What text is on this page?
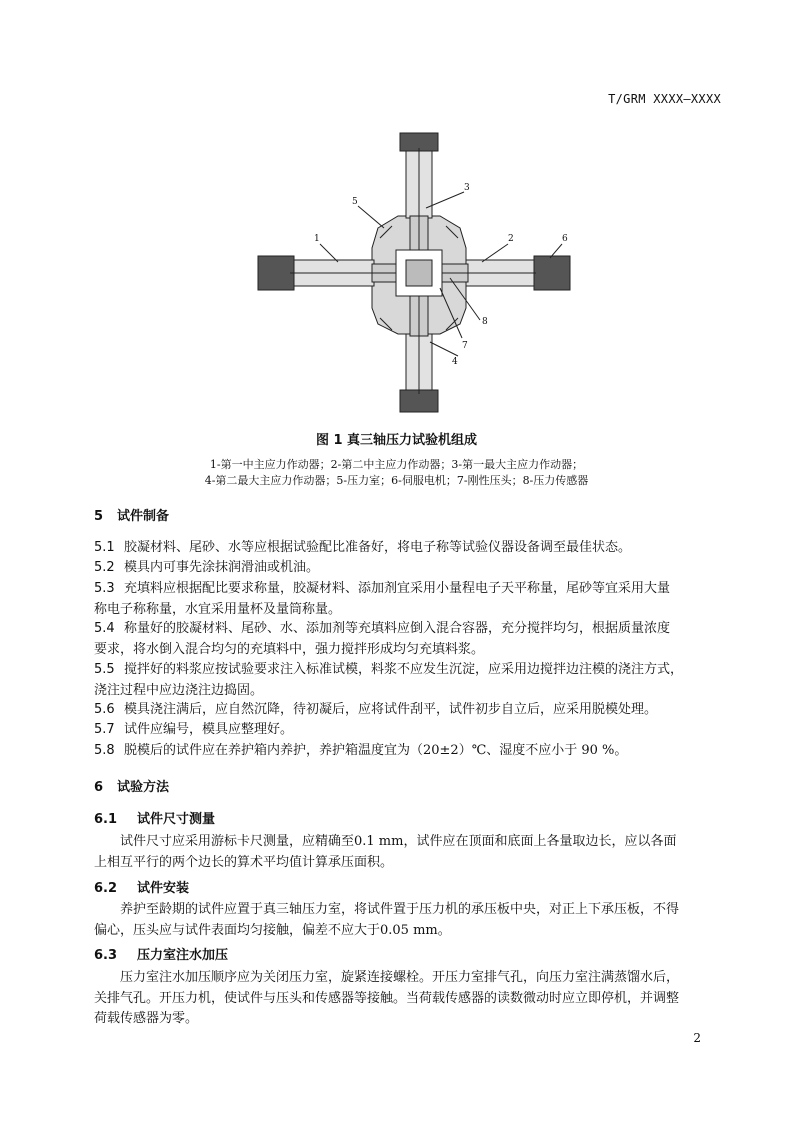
T/GRM XXXX—XXXX
1	2
3
4
5
6
7
8
图 1 真三轴压力试验机组成
1-第一中主应力作动器；2-第二中主应力作动器；3-第一最大主应力作动器；
4-第二最大主应力作动器；5-压力室；6-伺服电机；7-刚性压头；8-压力传感器
5 试件制备
5.1 胶凝材料、尾砂、水等应根据试验配比准备好，将电子称等试验仪器设备调至最佳状态。
5.2 模具内可事先涂抹润滑油或机油。
5.3 充填料应根据配比要求称量，胶凝材料、添加剂宜采用小量程电子天平称量，尾砂等宜采用大量
称电子称称量，水宜采用量杯及量筒称量。
5.4 称量好的胶凝材料、尾砂、水、添加剂等充填料应倒入混合容器，充分搅拌均匀，根据质量浓度
要求，将水倒入混合均匀的充填料中，强力搅拌形成均匀充填料浆。
5.5 搅拌好的料浆应按试验要求注入标准试模，料浆不应发生沉淀，应采用边搅拌边注模的浇注方式，
浇注过程中应边浇注边捣固。
5.6 模具浇注满后，应自然沉降，待初凝后，应将试件刮平，试件初步自立后，应采用脱模处理。
5.7 试件应编号，模具应整理好。
5.8 脱模后的试件应在养护箱内养护，养护箱温度宜为（20±2）℃、湿度不应小于 90 %。
6 试验方法
6.1 试件尺寸测量
试件尺寸应采用游标卡尺测量，应精确至0.1 mm，试件应在顶面和底面上各量取边长，应以各面
上相互平行的两个边长的算术平均值计算承压面积。
6.2 试件安装
养护至龄期的试件应置于真三轴压力室，将试件置于压力机的承压板中央，对正上下承压板，不得
偏心，压头应与试件表面均匀接触，偏差不应大于0.05 mm。
6.3 压力室注水加压
压力室注水加压顺序应为关闭压力室，旋紧连接螺栓。开压力室排气孔，向压力室注满蒸馏水后，
关排气孔。开压力机，使试件与压头和传感器等接触。当荷载传感器的读数微动时应立即停机，并调整
荷载传感器为零。
2
